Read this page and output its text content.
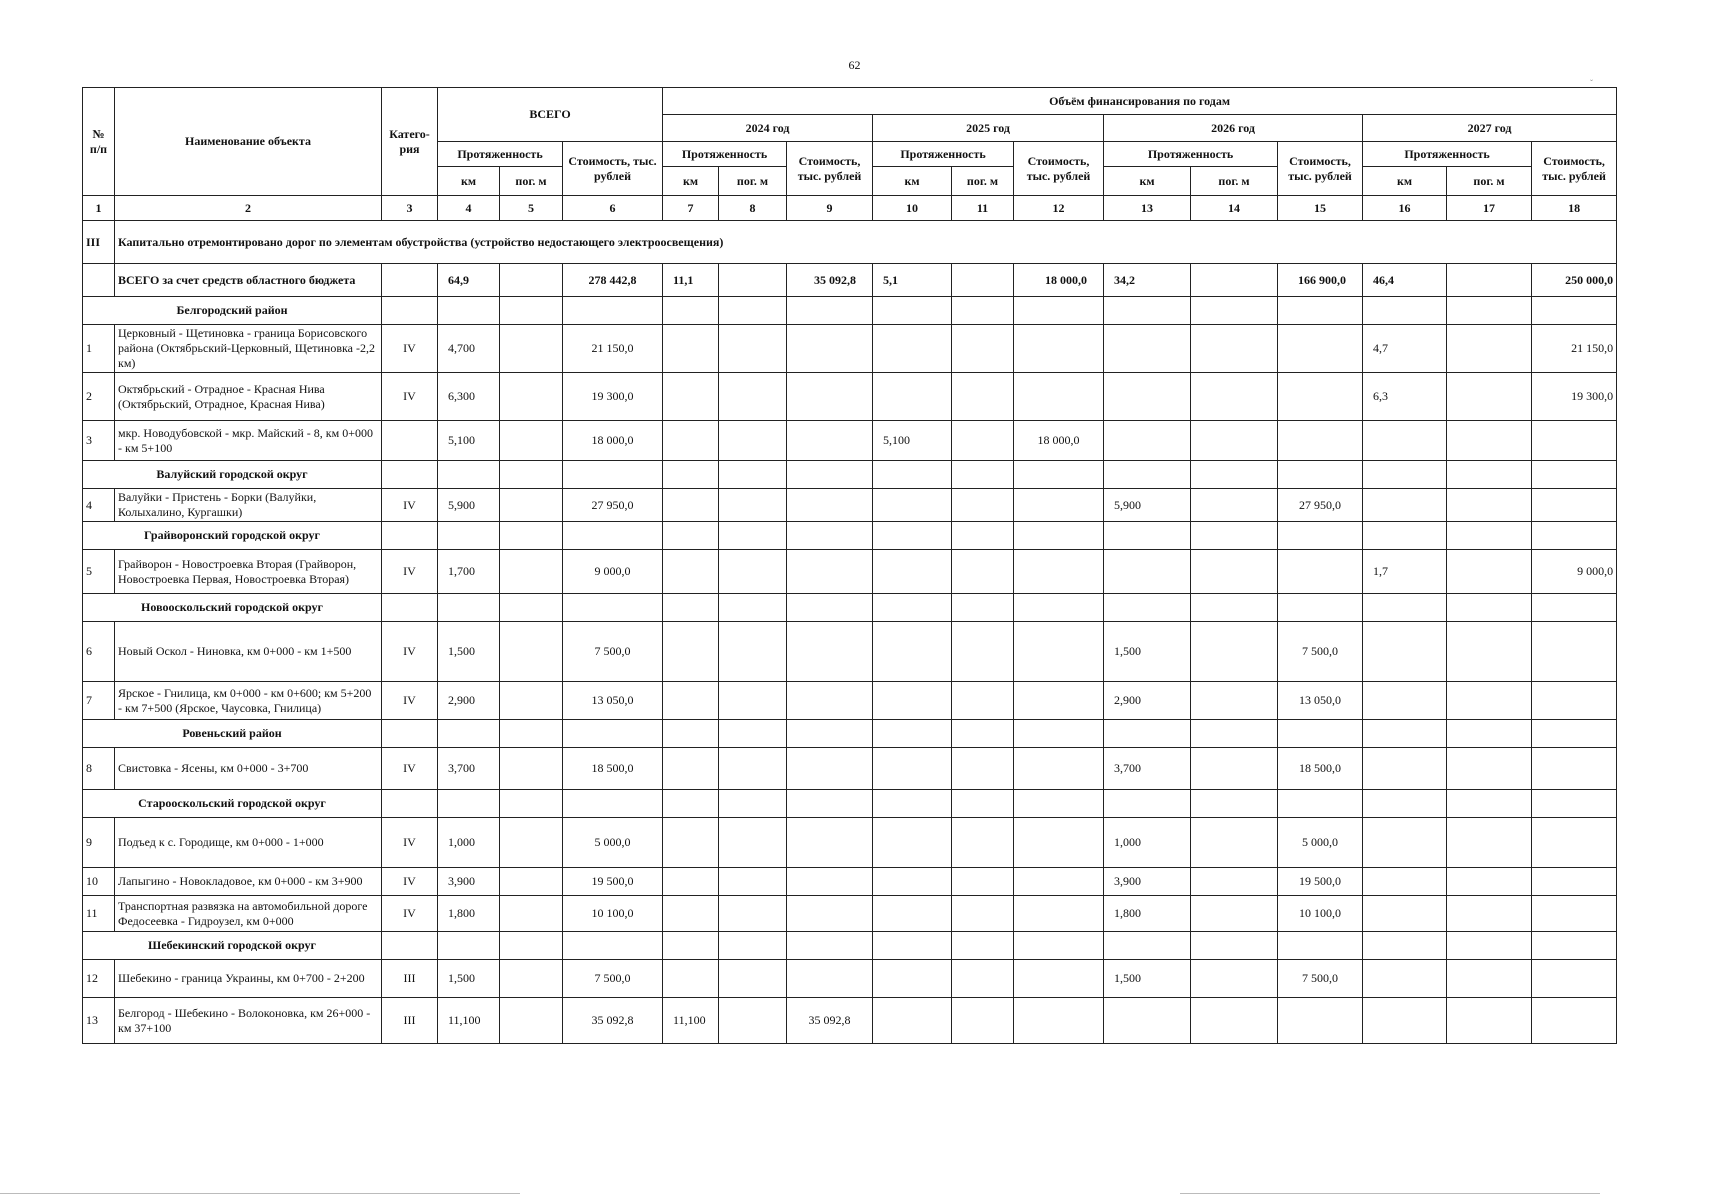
62
ˇ
№ п/п	Наименование объекта	Катего-рия	ВСЕГО			Объём финансирования по годам											
						2024 год			2025 год			2026 год			2027 год		
			Протяженность		Стоимость, тыс. рублей	Протяженность		Стоимость, тыс. рублей	Протяженность		Стоимость, тыс. рублей	Протяженность		Стоимость, тыс. рублей	Протяженность		Стоимость, тыс. рублей
			км	пог. м		км	пог. м		км	пог. м		км	пог. м		км	пог. м	
1	2	3	4	5	6	7	8	9	10	11	12	13	14	15	16	17	18
III	Капитально отремонтировано дорог по элементам обустройства (устройство недостающего электроосвещения)																
	ВСЕГО за счет средств областного бюджета		64,9		278 442,8	11,1		35 092,8	5,1		18 000,0	34,2		166 900,0	46,4		250 000,0
Белгородский район																	
1	Церковный - Щетиновка - граница Борисовского района (Октябрьский-Церковный, Щетиновка -2,2 км)	IV	4,700		21 150,0										4,7		21 150,0
2	Октябрьский - Отрадное - Красная Нива (Октябрьский, Отрадное, Красная Нива)	IV	6,300		19 300,0										6,3		19 300,0
3	мкр. Новодубовской - мкр. Майский - 8, км 0+000 - км 5+100		5,100		18 000,0				5,100		18 000,0						
Валуйский городской округ																	
4	Валуйки - Пристень - Борки (Валуйки, Колыхалино, Кургашки)	IV	5,900		27 950,0							5,900		27 950,0			
Грайворонский городской округ																	
5	Грайворон - Новостроевка Вторая (Грайворон, Новостроевка Первая, Новостроевка Вторая)	IV	1,700		9 000,0										1,7		9 000,0
Новооскольский городской округ																	
6	Новый Оскол - Ниновка, км 0+000 - км 1+500	IV	1,500		7 500,0							1,500		7 500,0			
7	Ярское - Гнилица, км 0+000 - км 0+600; км 5+200 - км 7+500 (Ярское, Чаусовка, Гнилица)	IV	2,900		13 050,0							2,900		13 050,0			
Ровеньский район																	
8	Свистовка - Ясены, км 0+000 - 3+700	IV	3,700		18 500,0							3,700		18 500,0			
Старооскольский городской округ																	
9	Подъед к с. Городище, км 0+000 - 1+000	IV	1,000		5 000,0							1,000		5 000,0			
10	Лапыгино - Новокладовое, км 0+000 - км 3+900	IV	3,900		19 500,0							3,900		19 500,0			
11	Транспортная развязка на автомобильной дороге Федосеевка - Гидроузел, км 0+000	IV	1,800		10 100,0							1,800		10 100,0			
Шебекинский городской округ																	
12	Шебекино - граница Украины, км 0+700 - 2+200	III	1,500		7 500,0							1,500		7 500,0			
13	Белгород - Шебекино - Волоконовка, км 26+000 - км 37+100	III	11,100		35 092,8	11,100		35 092,8									
